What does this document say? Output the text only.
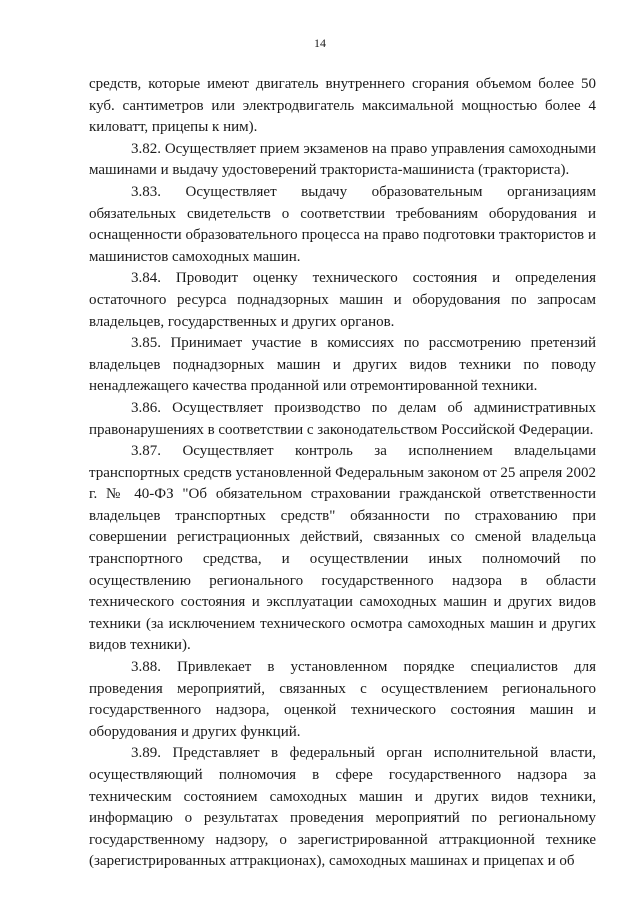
14

средств, которые имеют двигатель внутреннего сгорания объемом более 50 куб. сантиметров или электродвигатель максимальной мощностью более 4 киловатт, прицепы к ним).

3.82. Осуществляет прием экзаменов на право управления самоходными машинами и выдачу удостоверений тракториста-машиниста (тракториста).

3.83. Осуществляет выдачу образовательным организациям обязательных свидетельств о соответствии требованиям оборудования и оснащенности образовательного процесса на право подготовки трактористов и машинистов самоходных машин.

3.84. Проводит оценку технического состояния и определения остаточного ресурса поднадзорных машин и оборудования по запросам владельцев, государственных и других органов.

3.85. Принимает участие в комиссиях по рассмотрению претензий владельцев поднадзорных машин и других видов техники по поводу ненадлежащего качества проданной или отремонтированной техники.

3.86. Осуществляет производство по делам об административных правонарушениях в соответствии с законодательством Российской Федерации.

3.87. Осуществляет контроль за исполнением владельцами транспортных средств установленной Федеральным законом от 25 апреля 2002 г. № 40-ФЗ "Об обязательном страховании гражданской ответственности владельцев транспортных средств" обязанности по страхованию при совершении регистрационных действий, связанных со сменой владельца транспортного средства, и осуществлении иных полномочий по осуществлению регионального государственного надзора в области технического состояния и эксплуатации самоходных машин и других видов техники (за исключением технического осмотра самоходных машин и других видов техники).

3.88. Привлекает в установленном порядке специалистов для проведения мероприятий, связанных с осуществлением регионального государственного надзора, оценкой технического состояния машин и оборудования и других функций.

3.89. Представляет в федеральный орган исполнительной власти, осуществляющий полномочия в сфере государственного надзора за техническим состоянием самоходных машин и других видов техники, информацию о результатах проведения мероприятий по региональному государственному надзору, о зарегистрированной аттракционной технике (зарегистрированных аттракционах), самоходных машинах и прицепах и об
